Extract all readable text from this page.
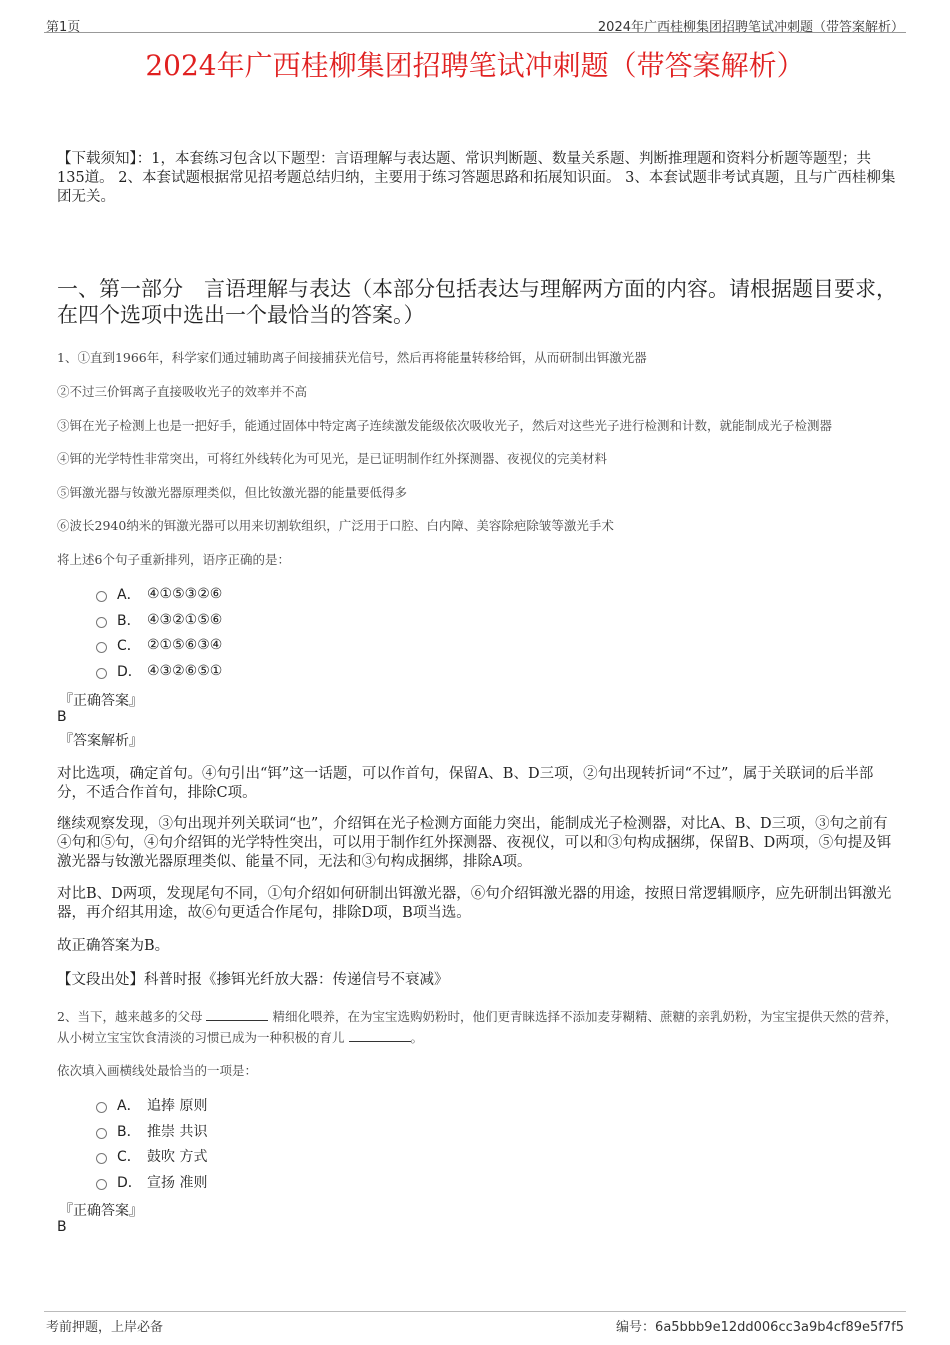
第1页	2024年广西桂柳集团招聘笔试冲刺题（带答案解析）
2024年广西桂柳集团招聘笔试冲刺题（带答案解析）
【下载须知】：1，本套练习包含以下题型：言语理解与表达题、常识判断题、数量关系题、判断推理题和资料分析题等题型；共135道。 2、本套试题根据常见招考题总结归纳，主要用于练习答题思路和拓展知识面。 3、本套试题非考试真题，且与广西桂柳集团无关。
一、第一部分　言语理解与表达（本部分包括表达与理解两方面的内容。请根据题目要求，在四个选项中选出一个最恰当的答案。）
1、①直到1966年，科学家们通过辅助离子间接捕获光信号，然后再将能量转移给铒，从而研制出铒激光器
②不过三价铒离子直接吸收光子的效率并不高
③铒在光子检测上也是一把好手，能通过固体中特定离子连续激发能级依次吸收光子，然后对这些光子进行检测和计数，就能制成光子检测器
④铒的光学特性非常突出，可将红外线转化为可见光，是已证明制作红外探测器、夜视仪的完美材料
⑤铒激光器与钕激光器原理类似，但比钕激光器的能量要低得多
⑥波长2940纳米的铒激光器可以用来切割软组织，广泛用于口腔、白内障、美容除疤除皱等激光手术
将上述6个句子重新排列，语序正确的是：
A． ④①⑤③②⑥
B． ④③②①⑤⑥
C． ②①⑤⑥③④
D． ④③②⑥⑤①
『正确答案』
B
『答案解析』
对比选项，确定首句。④句引出“铒”这一话题，可以作首句，保留A、B、D三项，②句出现转折词“不过”，属于关联词的后半部分，不适合作首句，排除C项。
继续观察发现，③句出现并列关联词“也”，介绍铒在光子检测方面能力突出，能制成光子检测器，对比A、B、D三项，③句之前有④句和⑤句，④句介绍铒的光学特性突出，可以用于制作红外探测器、夜视仪，可以和③句构成捆绑，保留B、D两项，⑤句提及铒激光器与钕激光器原理类似、能量不同，无法和③句构成捆绑，排除A项。
对比B、D两项，发现尾句不同，①句介绍如何研制出铒激光器，⑥句介绍铒激光器的用途，按照日常逻辑顺序，应先研制出铒激光器，再介绍其用途，故⑥句更适合作尾句，排除D项，B项当选。
故正确答案为B。
【文段出处】科普时报《掺铒光纤放大器：传递信号不衰减》
2、当下，越来越多的父母	精细化喂养，在为宝宝选购奶粉时，他们更青睐选择不添加麦芽糊精、蔗糖的亲乳奶粉，为宝宝提供天然的营养，从小树立宝宝饮食清淡的习惯已成为一种积极的育儿	。
依次填入画横线处最恰当的一项是：
A． 追捧 原则
B． 推崇 共识
C． 鼓吹 方式
D． 宣扬 准则
『正确答案』
B
考前押题，上岸必备	编号：6a5bbb9e12dd006cc3a9b4cf89e5f7f5
